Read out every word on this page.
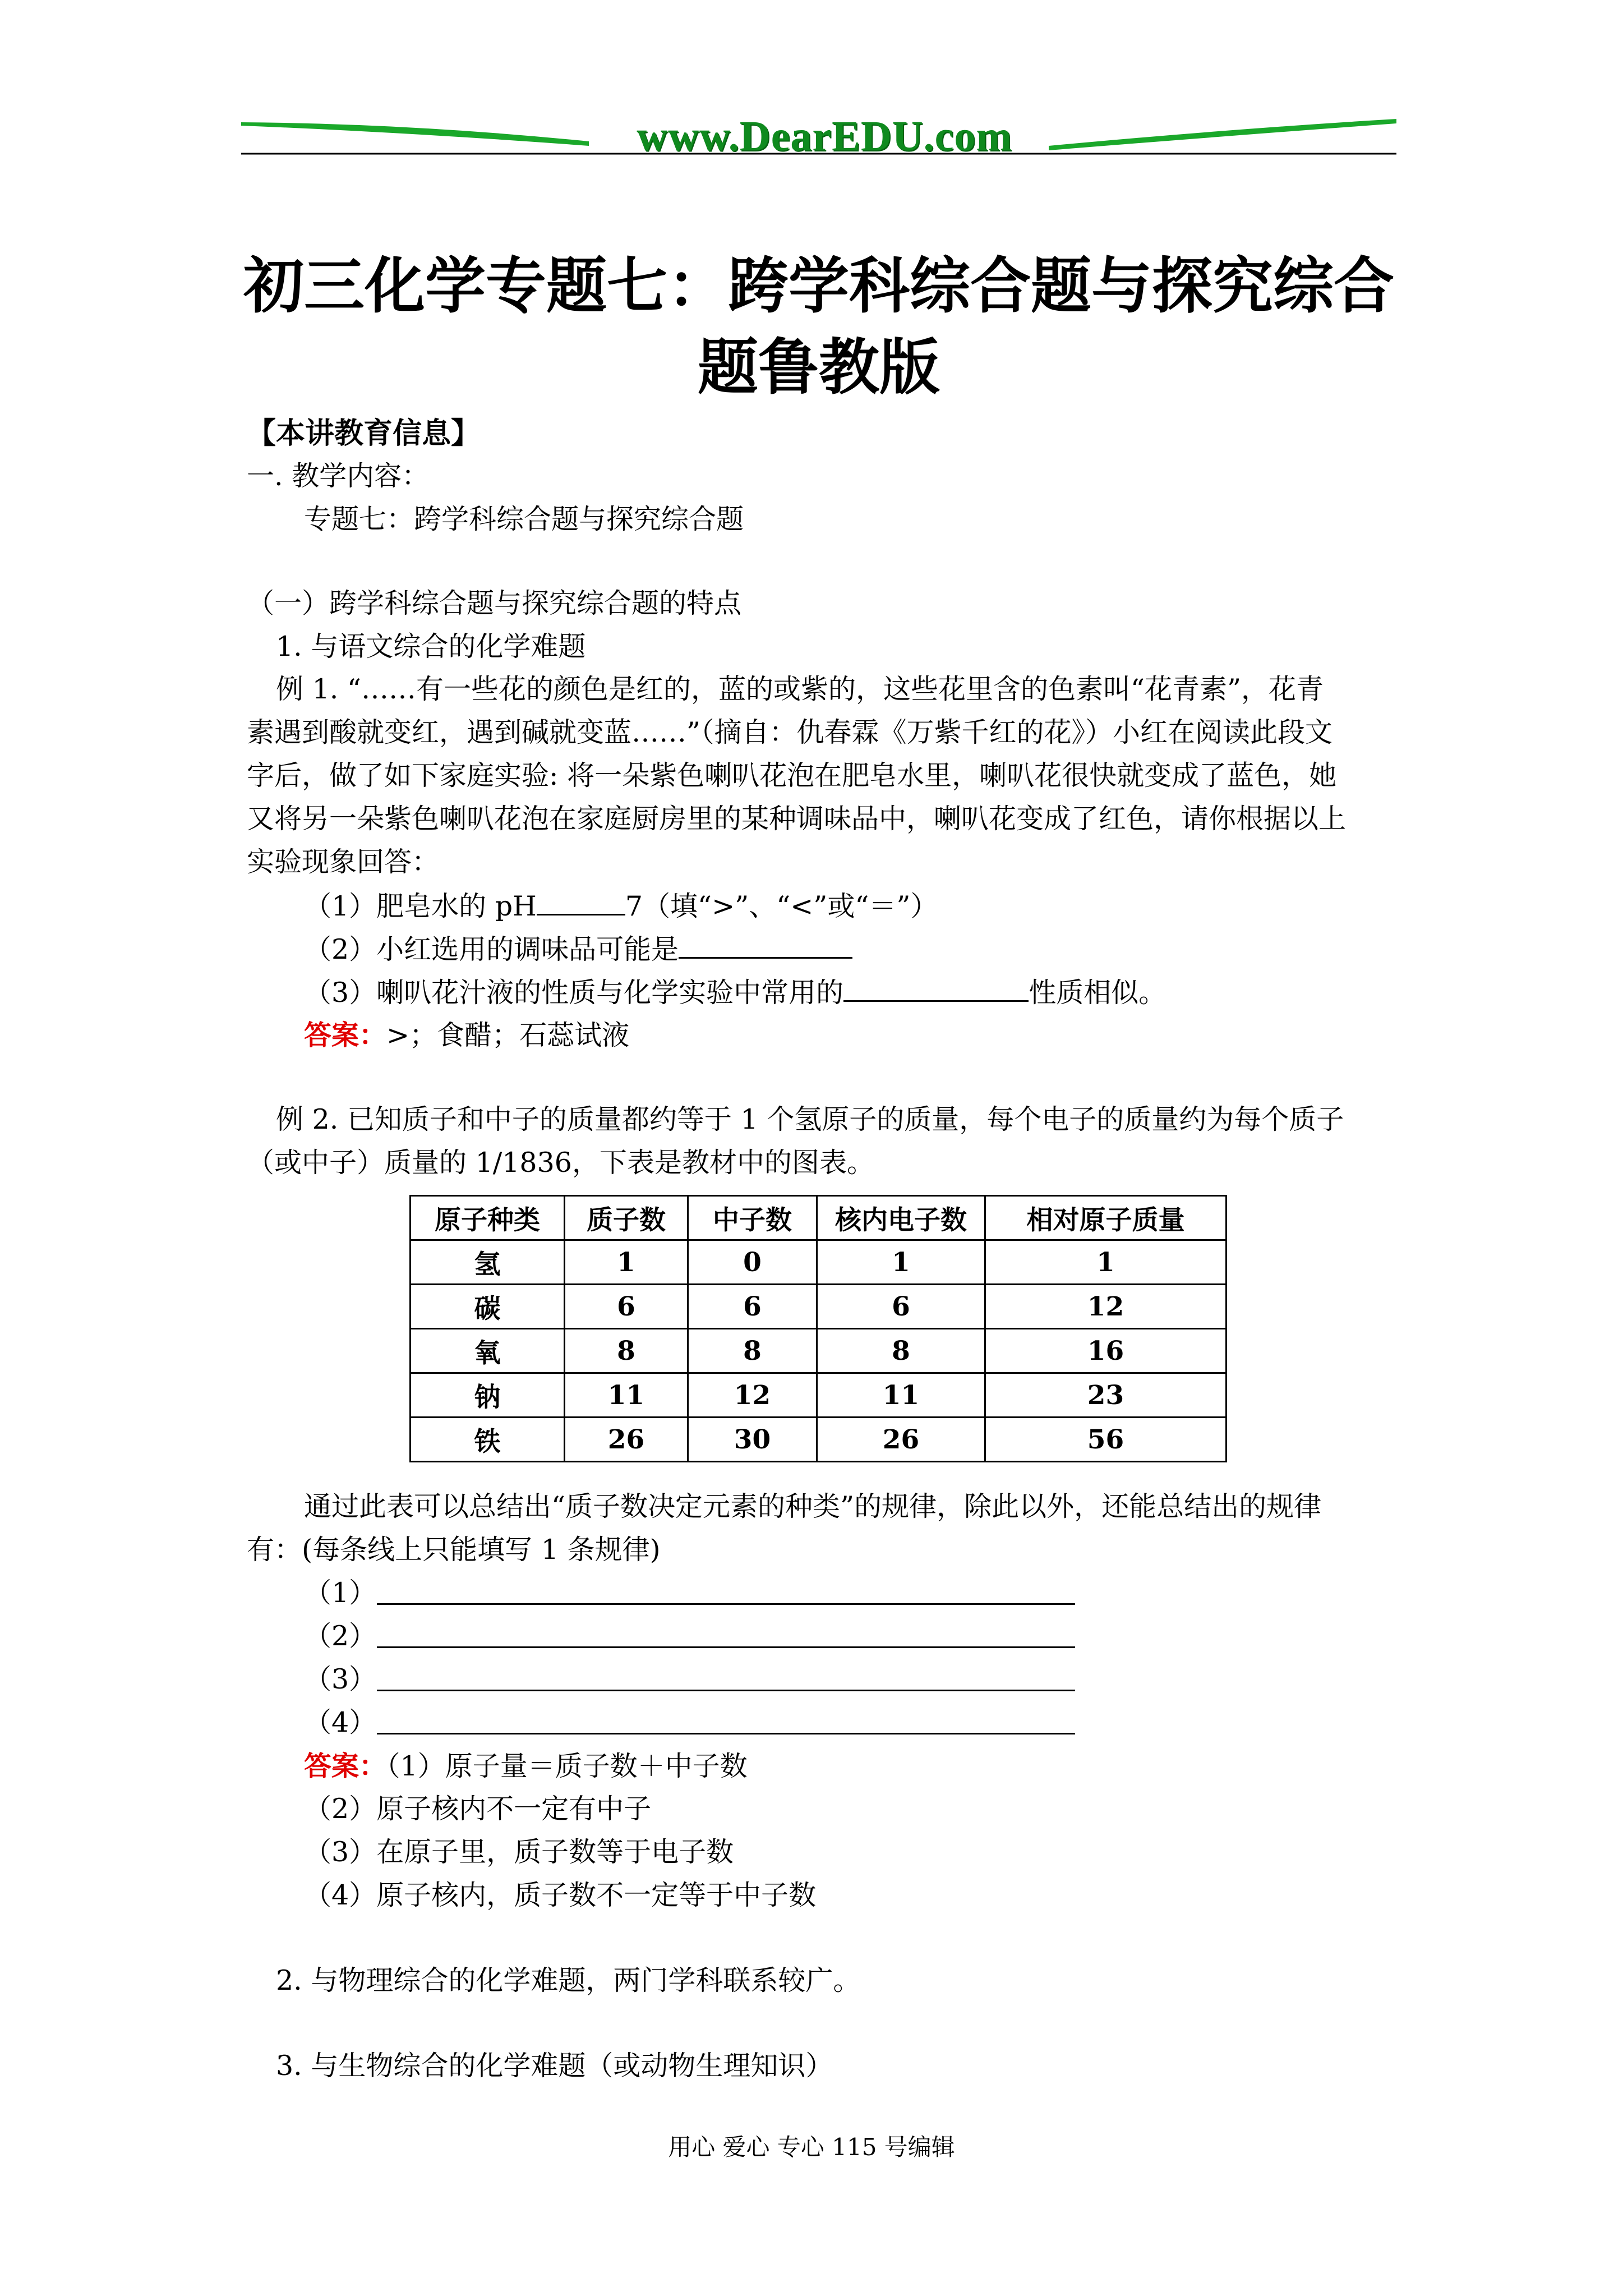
www.DearEDU.com
初三化学专题七：跨学科综合题与探究综合
题鲁教版
【本讲教育信息】
一. 教学内容：
专题七：跨学科综合题与探究综合题
（一）跨学科综合题与探究综合题的特点
1. 与语文综合的化学难题
例 1. “……有一些花的颜色是红的，蓝的或紫的，这些花里含的色素叫“花青素”，花青
素遇到酸就变红，遇到碱就变蓝……”（摘自：仇春霖《万紫千红的花》）小红在阅读此段文
字后，做了如下家庭实验: 将一朵紫色喇叭花泡在肥皂水里，喇叭花很快就变成了蓝色，她
又将另一朵紫色喇叭花泡在家庭厨房里的某种调味品中，喇叭花变成了红色，请你根据以上
实验现象回答：
（1）肥皂水的 pH	7（填“>”、“<”或“＝”）
（2）小红选用的调味品可能是
（3）喇叭花汁液的性质与化学实验中常用的	性质相似。
答案：>；食醋；石蕊试液
例 2. 已知质子和中子的质量都约等于 1 个氢原子的质量，每个电子的质量约为每个质子
（或中子）质量的 1/1836，下表是教材中的图表。
原子种类	质子数	中子数	核内电子数	相对原子质量
氢	1	0	1	1
碳	6	6	6	12
氧	8	8	8	16
钠	11	12	11	23
铁	26	30	26	56
通过此表可以总结出“质子数决定元素的种类”的规律，除此以外，还能总结出的规律
有：(每条线上只能填写 1 条规律)
（1）
（2）
（3）
（4）
答案：（1）原子量＝质子数＋中子数
（2）原子核内不一定有中子
（3）在原子里，质子数等于电子数
（4）原子核内，质子数不一定等于中子数
2. 与物理综合的化学难题，两门学科联系较广。
3. 与生物综合的化学难题（或动物生理知识）
用心 爱心 专心 115 号编辑
